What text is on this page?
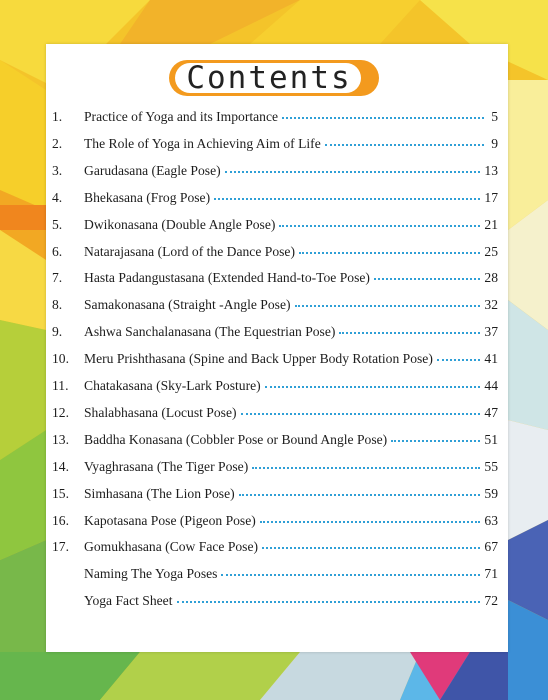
Contents
1.	Practice of Yoga and its Importance	5
2.	The Role of Yoga in Achieving Aim of Life	9
3.	Garudasana (Eagle Pose)	13
4.	Bhekasana (Frog Pose)	17
5.	Dwikonasana (Double Angle Pose)	21
6.	Natarajasana (Lord of the Dance Pose)	25
7.	Hasta Padangustasana (Extended Hand-to-Toe Pose)	28
8.	Samakonasana (Straight -Angle Pose)	32
9.	Ashwa Sanchalanasana (The Equestrian Pose)	37
10.	Meru Prishthasana (Spine and Back Upper Body Rotation Pose)	41
11.	Chatakasana (Sky-Lark Posture)	44
12.	Shalabhasana (Locust Pose)	47
13.	Baddha Konasana (Cobbler Pose or Bound Angle Pose)	51
14.	Vyaghrasana (The Tiger Pose)	55
15.	Simhasana (The Lion Pose)	59
16.	Kapotasana Pose (Pigeon Pose)	63
17.	Gomukhasana (Cow Face Pose)	67
Naming The Yoga Poses	71
Yoga Fact Sheet	72
